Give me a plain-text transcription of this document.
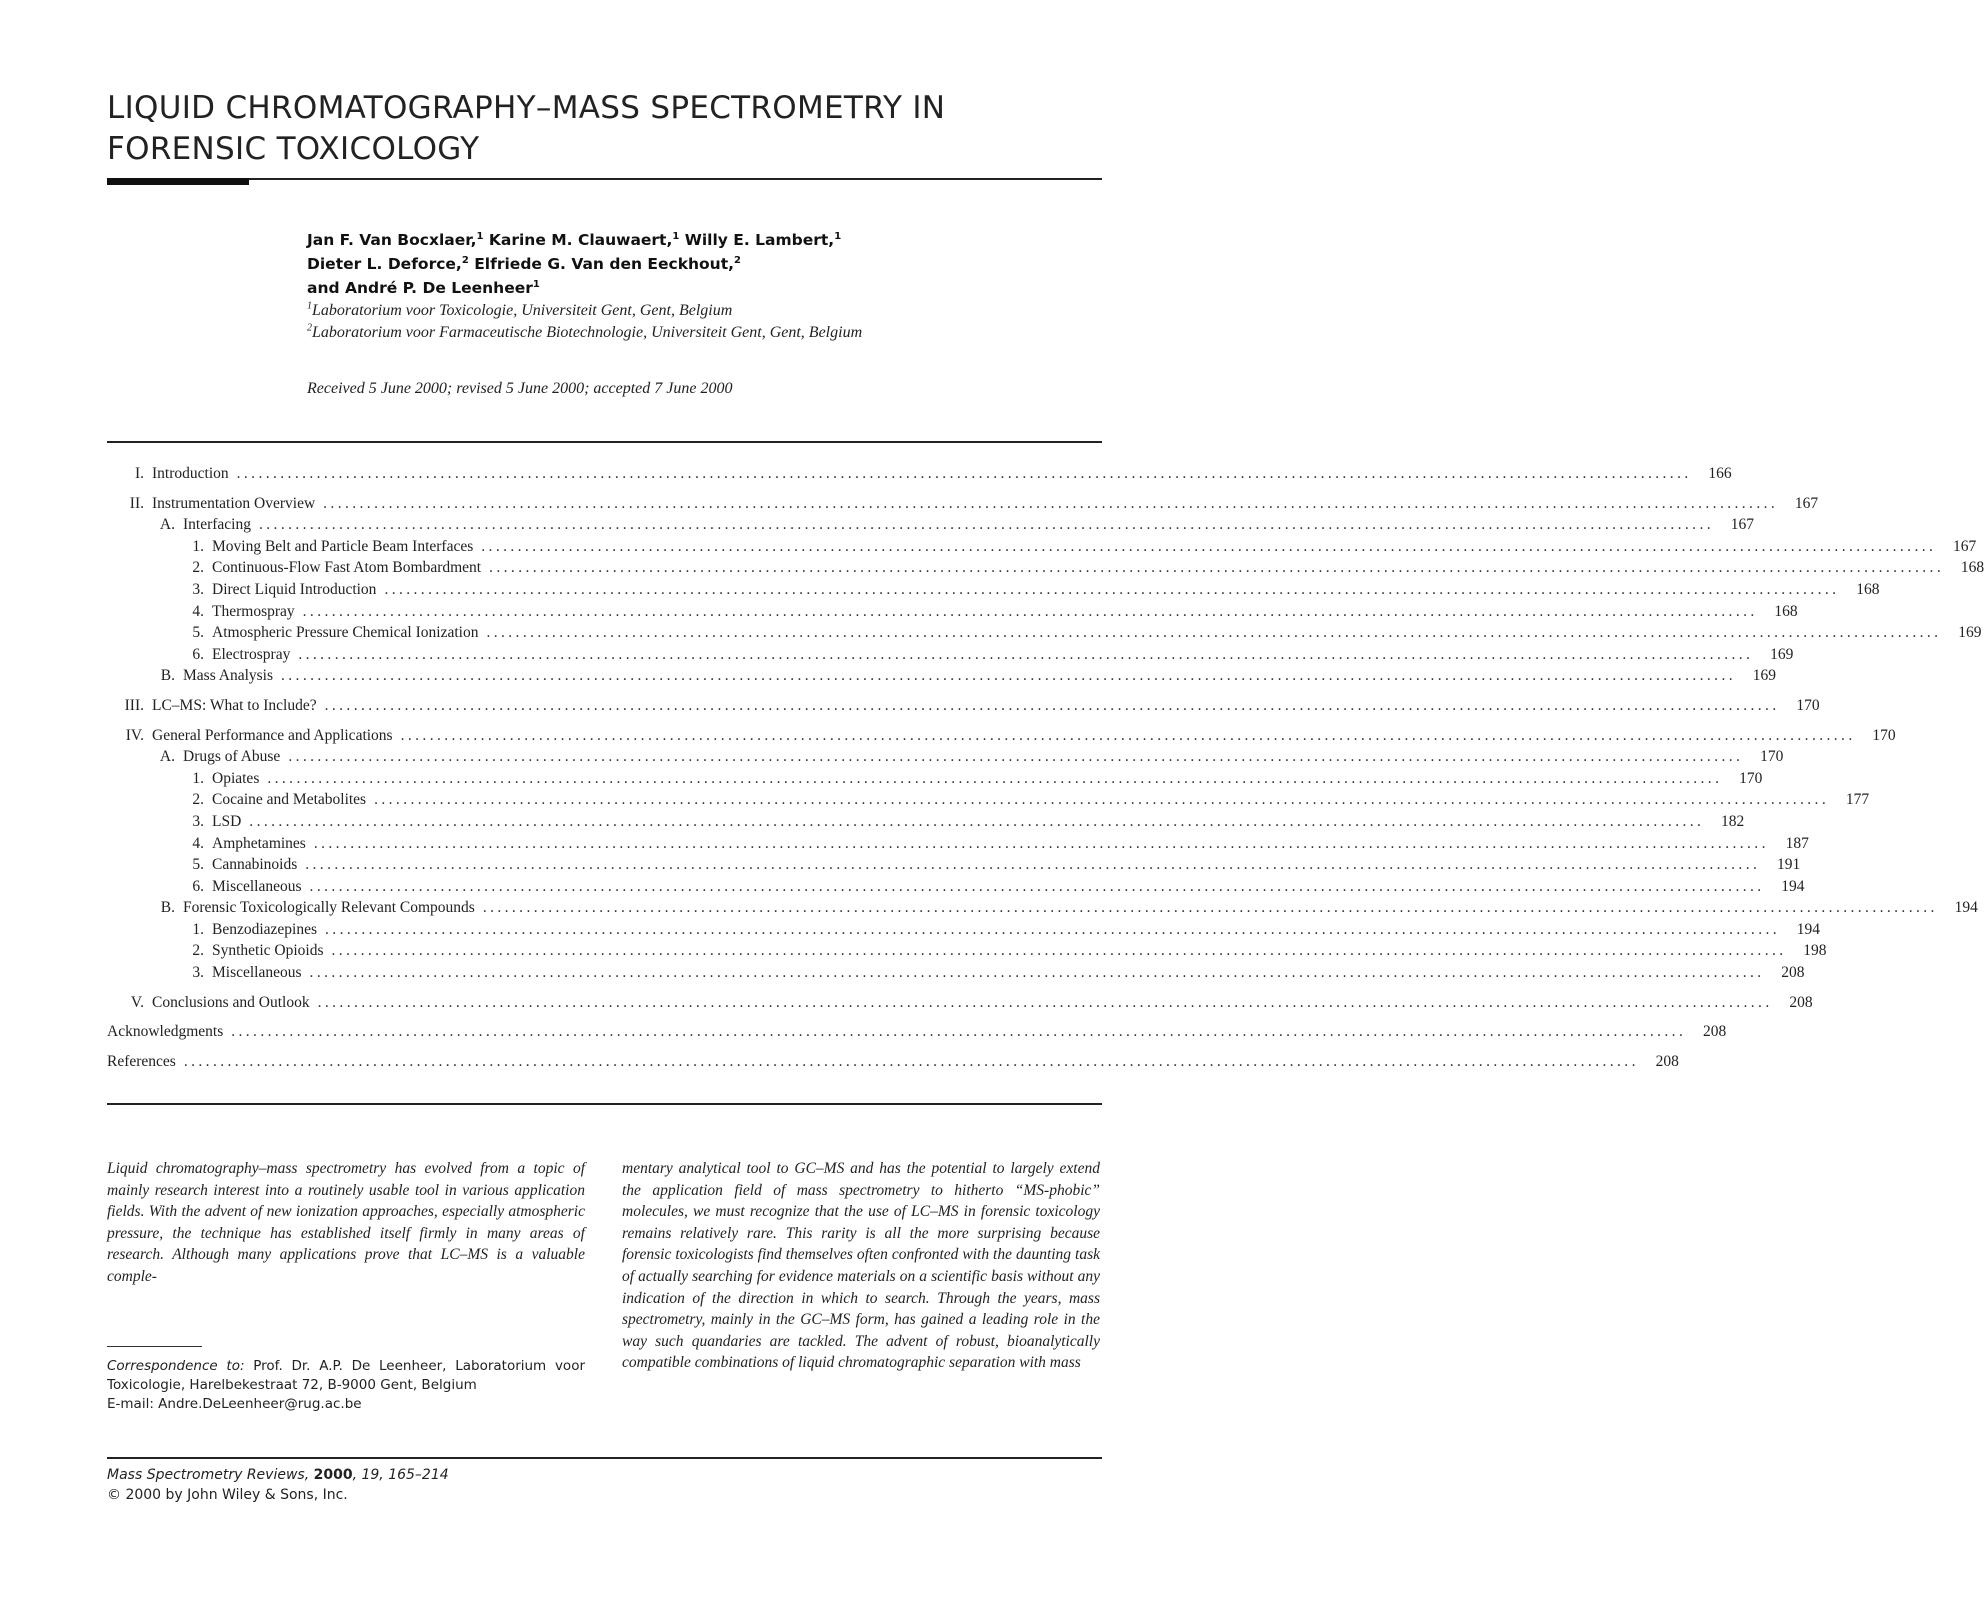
LIQUID CHROMATOGRAPHY–MASS SPECTROMETRY IN FORENSIC TOXICOLOGY
Jan F. Van Bocxlaer,$^1$ Karine M. Clauwaert,$^1$ Willy E. Lambert,$^1$
Dieter L. Deforce,$^2$ Elfriede G. Van den Eeckhout,$^2$
and André P. De Leenheer$^1$
$^1$Laboratorium voor Toxicologie, Universiteit Gent, Gent, Belgium
$^2$Laboratorium voor Farmaceutische Biotechnologie, Universiteit Gent, Gent, Belgium
Received 5 June 2000; revised 5 June 2000; accepted 7 June 2000
I. Introduction ........................................................................................................................................................................................................	166
II. Instrumentation Overview ........................................................................................................................................................................................................	167
A. Interfacing ........................................................................................................................................................................................................	167
1. Moving Belt and Particle Beam Interfaces ........................................................................................................................................................................................................	167
2. Continuous-Flow Fast Atom Bombardment ........................................................................................................................................................................................................	168
3. Direct Liquid Introduction ........................................................................................................................................................................................................	168
4. Thermospray ........................................................................................................................................................................................................	168
5. Atmospheric Pressure Chemical Ionization ........................................................................................................................................................................................................	169
6. Electrospray ........................................................................................................................................................................................................	169
B. Mass Analysis ........................................................................................................................................................................................................	169
III. LC–MS: What to Include? ........................................................................................................................................................................................................	170
IV. General Performance and Applications ........................................................................................................................................................................................................	170
A. Drugs of Abuse ........................................................................................................................................................................................................	170
1. Opiates ........................................................................................................................................................................................................	170
2. Cocaine and Metabolites ........................................................................................................................................................................................................	177
3. LSD ........................................................................................................................................................................................................	182
4. Amphetamines ........................................................................................................................................................................................................	187
5. Cannabinoids ........................................................................................................................................................................................................	191
6. Miscellaneous ........................................................................................................................................................................................................	194
B. Forensic Toxicologically Relevant Compounds ........................................................................................................................................................................................................	194
1. Benzodiazepines ........................................................................................................................................................................................................	194
2. Synthetic Opioids ........................................................................................................................................................................................................	198
3. Miscellaneous ........................................................................................................................................................................................................	208
V. Conclusions and Outlook ........................................................................................................................................................................................................	208
Acknowledgments ........................................................................................................................................................................................................	208
References ........................................................................................................................................................................................................	208
Liquid chromatography–mass spectrometry has evolved from a topic of mainly research interest into a routinely usable tool in various application fields. With the advent of new ionization approaches, especially atmospheric pressure, the technique has established itself firmly in many areas of research. Although many applications prove that LC–MS is a valuable comple-
mentary analytical tool to GC–MS and has the potential to largely extend the application field of mass spectrometry to hitherto “MS-phobic” molecules, we must recognize that the use of LC–MS in forensic toxicology remains relatively rare. This rarity is all the more surprising because forensic toxicologists find themselves often confronted with the daunting task of actually searching for evidence materials on a scientific basis without any indication of the direction in which to search. Through the years, mass spectrometry, mainly in the GC–MS form, has gained a leading role in the way such quandaries are tackled. The advent of robust, bioanalytically compatible combinations of liquid chromatographic separation with mass
Correspondence to: Prof. Dr. A.P. De Leenheer, Laboratorium voor Toxicologie, Harelbekestraat 72, B-9000 Gent, Belgium
E-mail: Andre.DeLeenheer@rug.ac.be
Mass Spectrometry Reviews, 2000, 19, 165–214
© 2000 by John Wiley & Sons, Inc.
